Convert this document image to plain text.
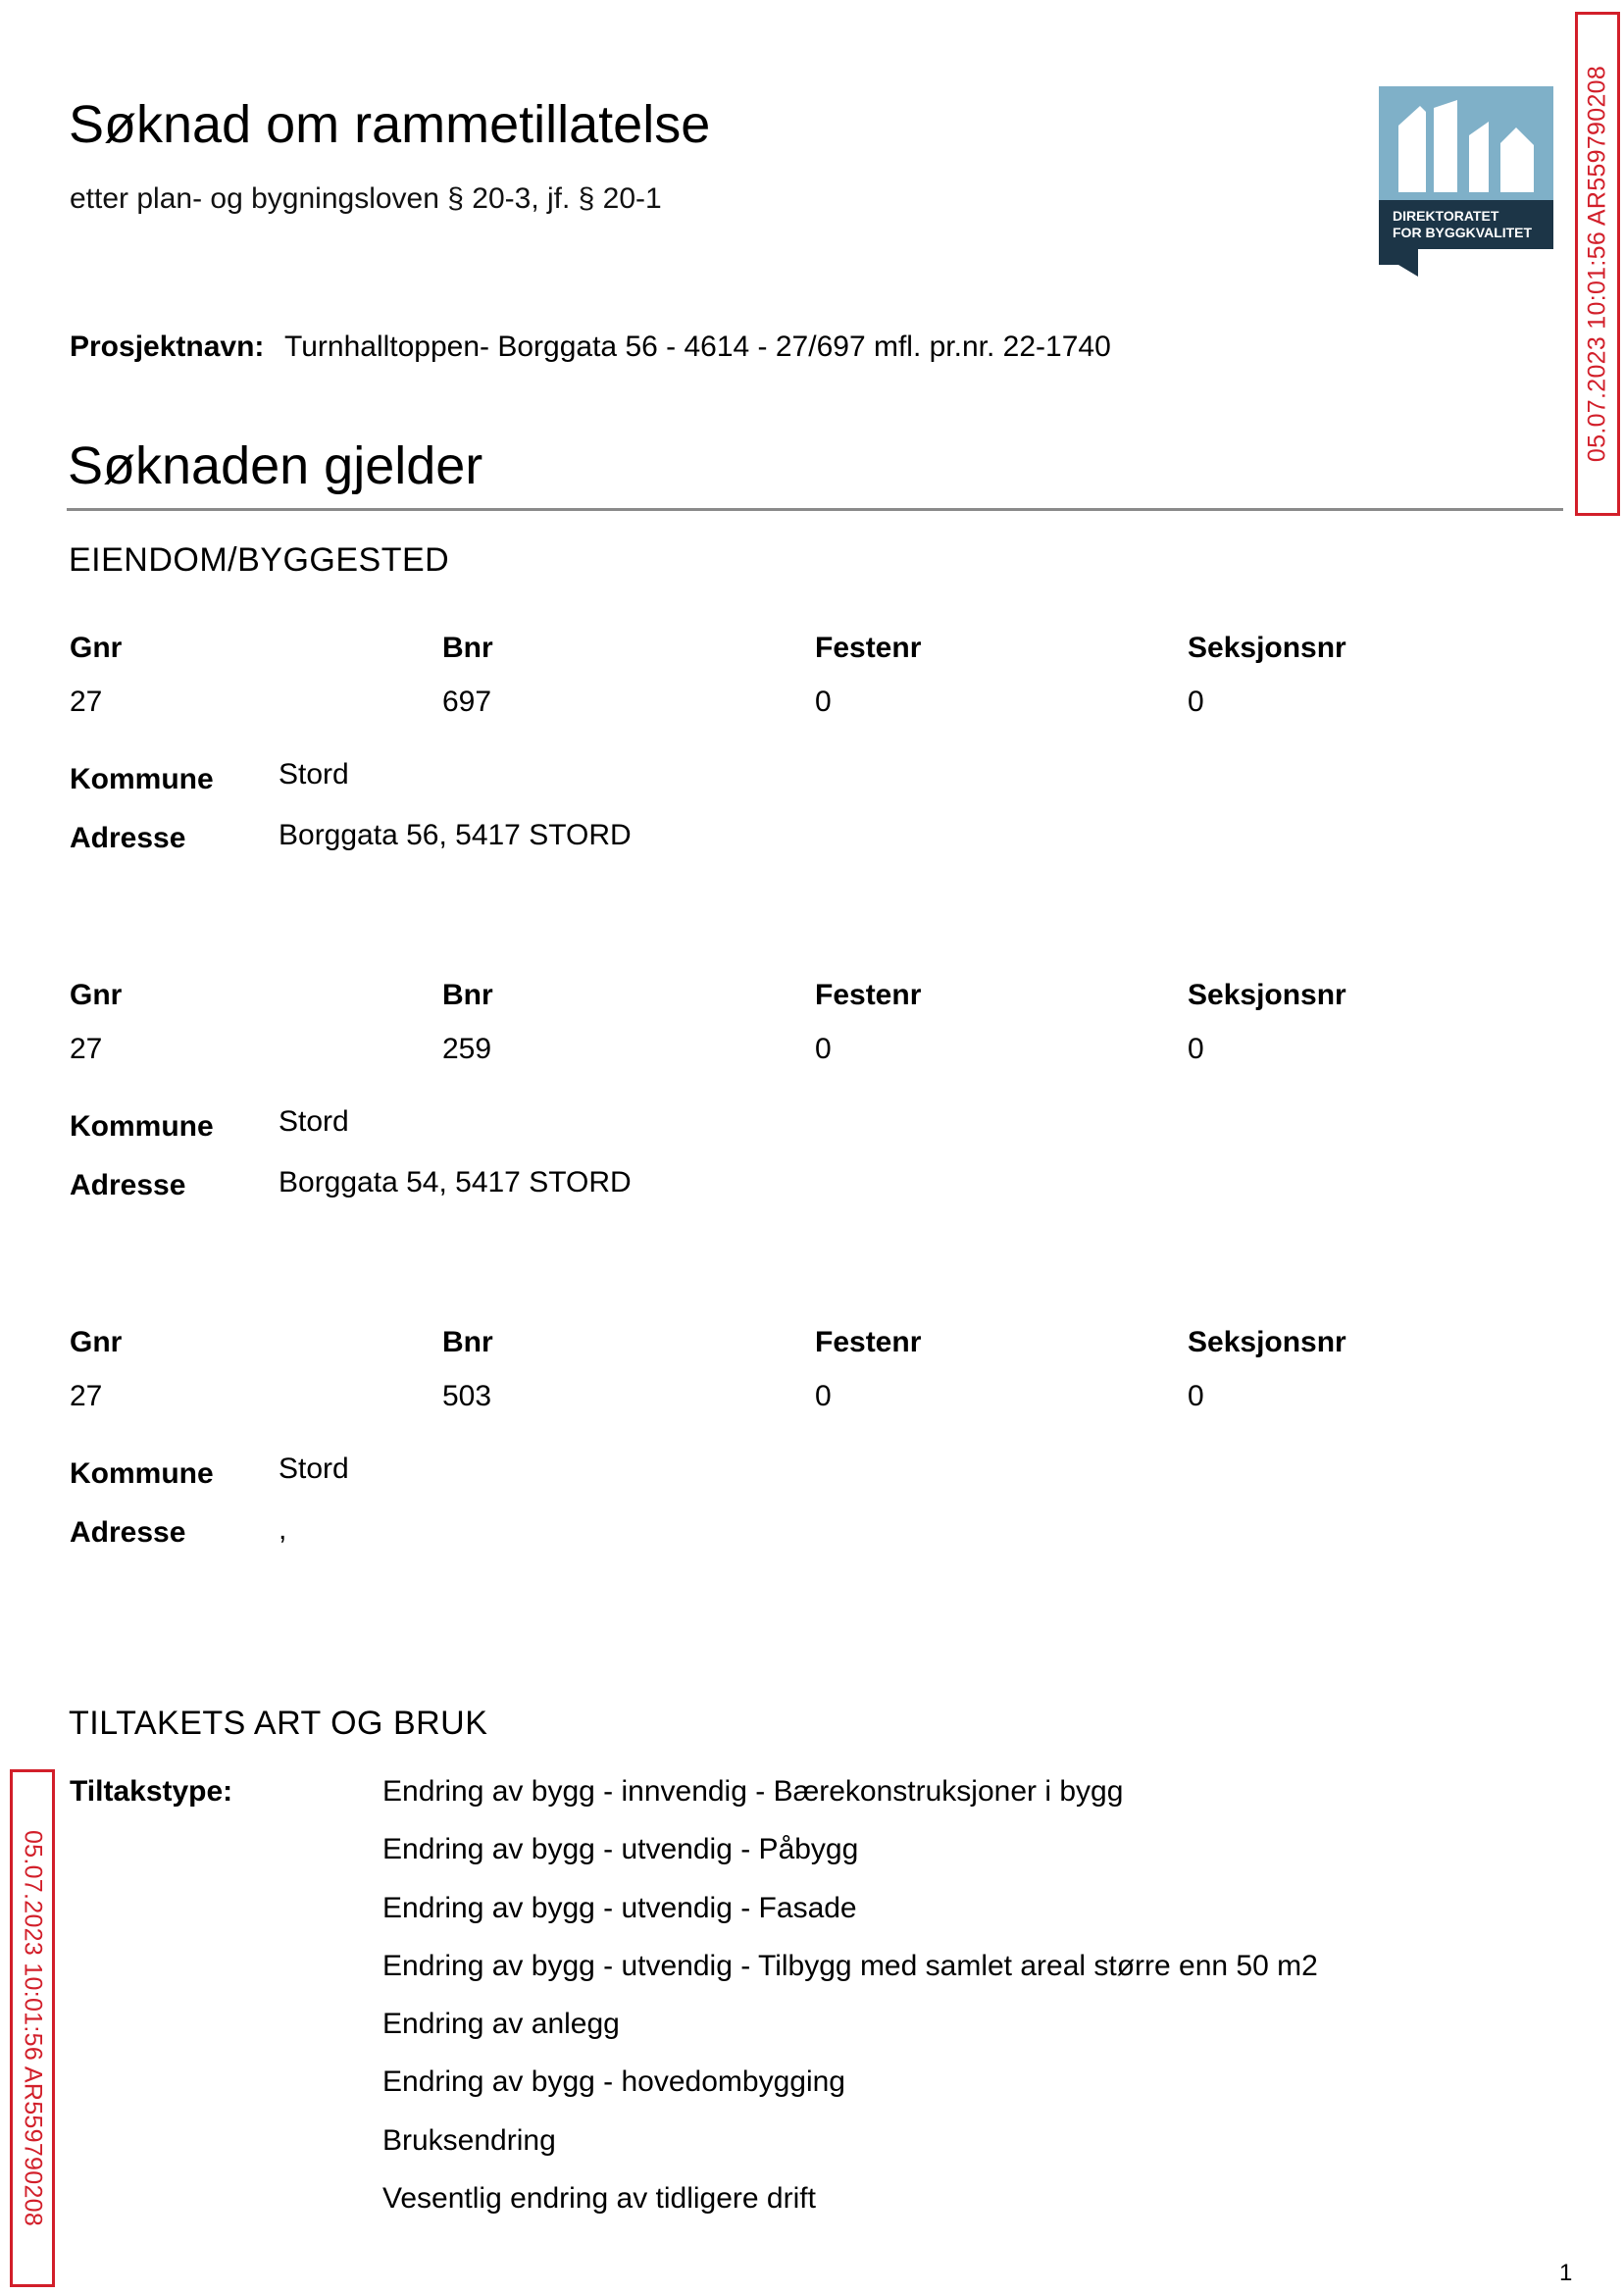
Søknad om rammetillatelse
etter plan- og bygningsloven § 20-3, jf. § 20-1
DIREKTORATET
FOR BYGGKVALITET
Prosjektnavn: Turnhalltoppen- Borggata 56 - 4614 - 27/697 mfl. pr.nr. 22-1740
Søknaden gjelder
EIENDOM/BYGGESTED
Gnr	Bnr	Festenr	Seksjonsnr
27	697	0	0
Kommune Stord
Adresse	Borggata 56, 5417 STORD
Gnr	Bnr	Festenr	Seksjonsnr
27	259	0	0
Kommune Stord
Adresse	Borggata 54, 5417 STORD
Gnr	Bnr	Festenr	Seksjonsnr
27	503	0	0
Kommune Stord
Adresse	,
TILTAKETS ART OG BRUK
Tiltakstype:	Endring av bygg - innvendig - Bærekonstruksjoner i bygg
Endring av bygg - utvendig - Påbygg
Endring av bygg - utvendig - Fasade
Endring av bygg - utvendig - Tilbygg med samlet areal større enn 50 m2
Endring av anlegg
Endring av bygg - hovedombygging
Bruksendring
Vesentlig endring av tidligere drift
05.07.2023 10:01:56 AR559790208
05.07.2023 10:01:56 AR559790208
1
